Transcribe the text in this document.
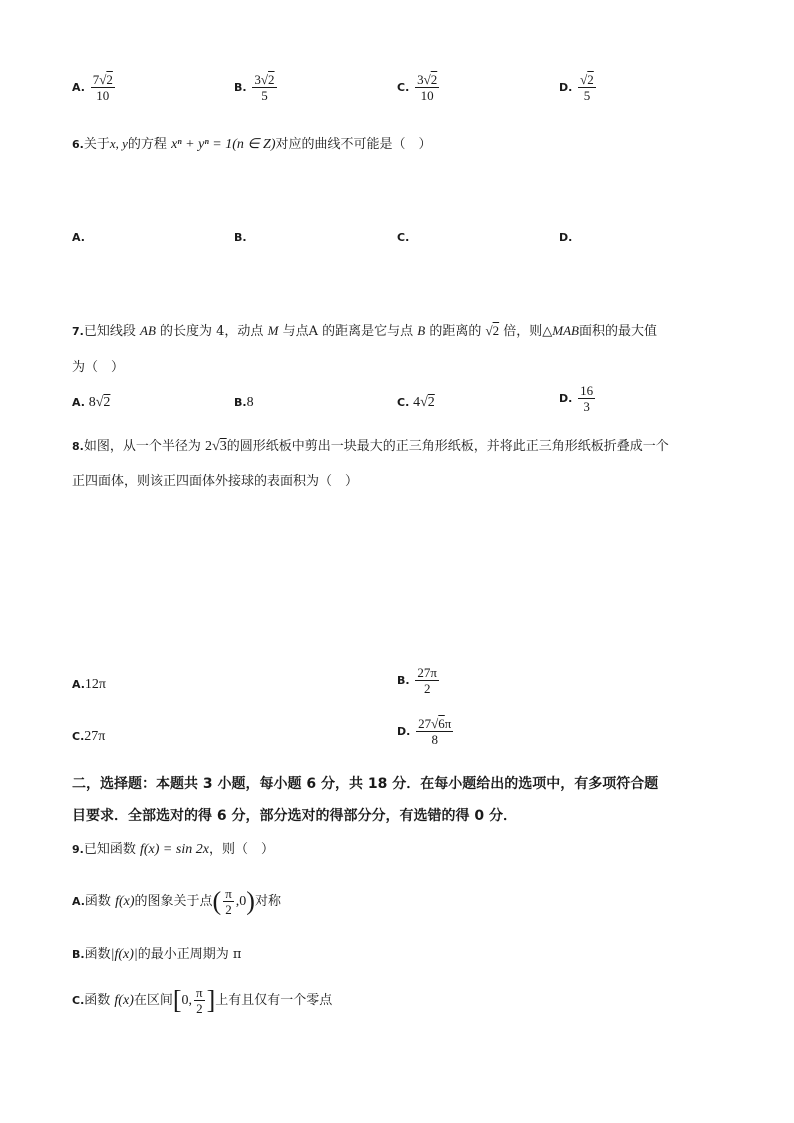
A. $\frac{7√2}{10}$	B. $\frac{3√2}{5}$	C. $\frac{3√2}{10}$	D. $\frac{√2}{5}$
6.关于x, y的方程 xⁿ + yⁿ = 1(n ∈ Z)对应的曲线不可能是（　）
A.	B.	C.	D.
7.已知线段 AB 的长度为 4，动点 M 与点A 的距离是它与点 B 的距离的 √2 倍，则△MAB面积的最大值
为（　）
A. 8√2	B.8	C. 4√2	D. $\frac{16}{3}$
8.如图，从一个半径为 2√3的圆形纸板中剪出一块最大的正三角形纸板，并将此正三角形纸板折叠成一个
正四面体，则该正四面体外接球的表面积为（　）
A.12π	B. $\frac{27\pi}{2}$
C.27π	D. $\frac{27√6\pi}{8}$
二，选择题：本题共 3 小题，每小题 6 分，共 18 分．在每小题给出的选项中，有多项符合题
目要求．全部选对的得 6 分，部分选对的得部分分，有选错的得 0 分．
9.已知函数 f(x) = sin 2x，则（　）
A.函数 f(x)的图象关于点( $\frac{\pi}{2} ,0$)对称
B.函数|f(x)|的最小正周期为 π
C.函数 f(x)在区间[0, $\frac{\pi}{2}$ ]上有且仅有一个零点
